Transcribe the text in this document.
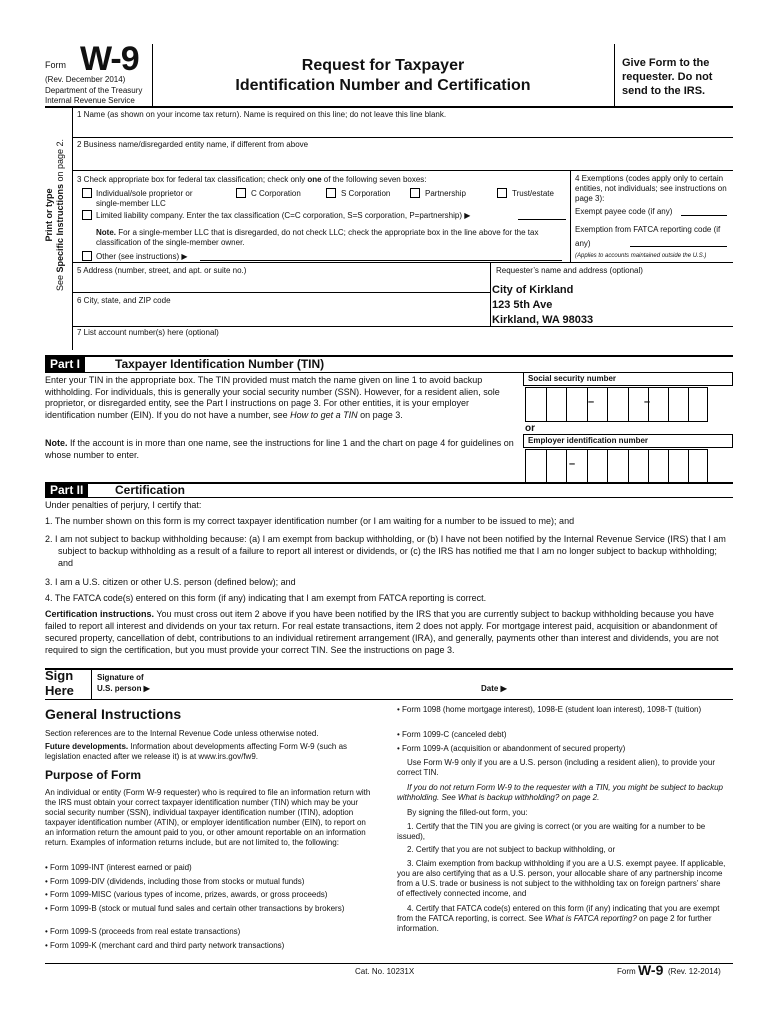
Form W-9
(Rev. December 2014)
Department of the Treasury
Internal Revenue Service
Request for Taxpayer
Identification Number and Certification
Give Form to the requester. Do not send to the IRS.
Print or type
See Specific Instructions on page 2.
1 Name (as shown on your income tax return). Name is required on this line; do not leave this line blank.
2 Business name/disregarded entity name, if different from above
3 Check appropriate box for federal tax classification; check only one of the following seven boxes:
Individual/sole proprietor or single-member LLC
C Corporation	S Corporation	Partnership	Trust/estate
Limited liability company. Enter the tax classification (C=C corporation, S=S corporation, P=partnership) ▶
Note. For a single-member LLC that is disregarded, do not check LLC; check the appropriate box in the line above for the tax classification of the single-member owner.
Other (see instructions) ▶
4 Exemptions (codes apply only to certain entities, not individuals; see instructions on page 3):
Exempt payee code (if any)
Exemption from FATCA reporting code (if any)
(Applies to accounts maintained outside the U.S.)
5 Address (number, street, and apt. or suite no.)	Requester’s name and address (optional)
City of Kirkland
123 5th Ave
Kirkland, WA 98033
6 City, state, and ZIP code
7 List account number(s) here (optional)
Part I	Taxpayer Identification Number (TIN)
Enter your TIN in the appropriate box. The TIN provided must match the name given on line 1 to avoid backup withholding. For individuals, this is generally your social security number (SSN). However, for a resident alien, sole proprietor, or disregarded entity, see the Part I instructions on page 3. For other entities, it is your employer identification number (EIN). If you do not have a number, see How to get a TIN on page 3.
Note. If the account is in more than one name, see the instructions for line 1 and the chart on page 4 for guidelines on whose number to enter.
Social security number
–	–
or
Employer identification number
–
Part II	Certification
Under penalties of perjury, I certify that:
1. The number shown on this form is my correct taxpayer identification number (or I am waiting for a number to be issued to me); and
2. I am not subject to backup withholding because: (a) I am exempt from backup withholding, or (b) I have not been notified by the Internal Revenue Service (IRS) that I am subject to backup withholding as a result of a failure to report all interest or dividends, or (c) the IRS has notified me that I am no longer subject to backup withholding; and
3. I am a U.S. citizen or other U.S. person (defined below); and
4. The FATCA code(s) entered on this form (if any) indicating that I am exempt from FATCA reporting is correct.
Certification instructions. You must cross out item 2 above if you have been notified by the IRS that you are currently subject to backup withholding because you have failed to report all interest and dividends on your tax return. For real estate transactions, item 2 does not apply. For mortgage interest paid, acquisition or abandonment of secured property, cancellation of debt, contributions to an individual retirement arrangement (IRA), and generally, payments other than interest and dividends, you are not required to sign the certification, but you must provide your correct TIN. See the instructions on page 3.
Sign
Here
Signature of
U.S. person ▶	Date ▶
General Instructions
Section references are to the Internal Revenue Code unless otherwise noted.
Future developments. Information about developments affecting Form W-9 (such as legislation enacted after we release it) is at www.irs.gov/fw9.
Purpose of Form
An individual or entity (Form W-9 requester) who is required to file an information return with the IRS must obtain your correct taxpayer identification number (TIN) which may be your social security number (SSN), individual taxpayer identification number (ITIN), adoption taxpayer identification number (ATIN), or employer identification number (EIN), to report on an information return the amount paid to you, or other amount reportable on an information return. Examples of information returns include, but are not limited to, the following:
• Form 1099-INT (interest earned or paid)
• Form 1099-DIV (dividends, including those from stocks or mutual funds)
• Form 1099-MISC (various types of income, prizes, awards, or gross proceeds)
• Form 1099-B (stock or mutual fund sales and certain other transactions by brokers)
• Form 1099-S (proceeds from real estate transactions)
• Form 1099-K (merchant card and third party network transactions)
• Form 1098 (home mortgage interest), 1098-E (student loan interest), 1098-T (tuition)
• Form 1099-C (canceled debt)
• Form 1099-A (acquisition or abandonment of secured property)
Use Form W-9 only if you are a U.S. person (including a resident alien), to provide your correct TIN.
If you do not return Form W-9 to the requester with a TIN, you might be subject to backup withholding. See What is backup withholding? on page 2.
By signing the filled-out form, you:
1. Certify that the TIN you are giving is correct (or you are waiting for a number to be issued),
2. Certify that you are not subject to backup withholding, or
3. Claim exemption from backup withholding if you are a U.S. exempt payee. If applicable, you are also certifying that as a U.S. person, your allocable share of any partnership income from a U.S. trade or business is not subject to the withholding tax on foreign partners’ share of effectively connected income, and
4. Certify that FATCA code(s) entered on this form (if any) indicating that you are exempt from the FATCA reporting, is correct. See What is FATCA reporting? on page 2 for further information.
Cat. No. 10231X	Form W-9 (Rev. 12-2014)
